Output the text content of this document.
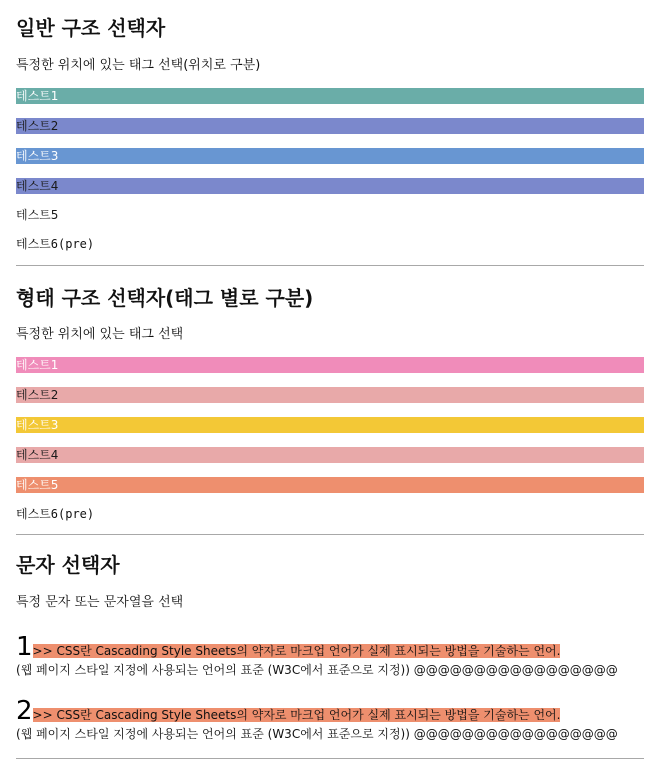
일반 구조 선택자
특정한 위치에 있는 태그 선택(위치로 구분)
테스트1
테스트2
테스트3
테스트4
테스트5
테스트6(pre)
형태 구조 선택자(태그 별로 구분)
특정한 위치에 있는 태그 선택
테스트1
테스트2
테스트3
테스트4
테스트5
테스트6(pre)
문자 선택자
특정 문자 또는 문자열을 선택
1>> CSS란 Cascading Style Sheets의 약자로 마크업 언어가 실제 표시되는 방법을 기술하는 언어.
(웹 페이지 스타일 지정에 사용되는 언어의 표준 (W3C에서 표준으로 지정)) @@@@@@@@@@@@@@@@@
2>> CSS란 Cascading Style Sheets의 약자로 마크업 언어가 실제 표시되는 방법을 기술하는 언어.
(웹 페이지 스타일 지정에 사용되는 언어의 표준 (W3C에서 표준으로 지정)) @@@@@@@@@@@@@@@@@
